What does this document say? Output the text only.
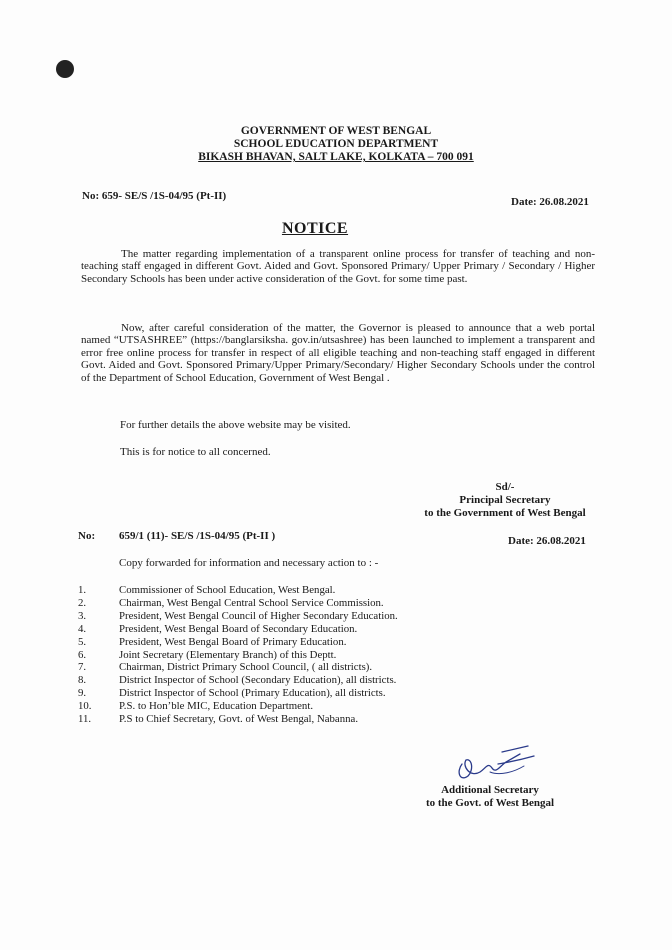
GOVERNMENT OF WEST BENGAL
SCHOOL EDUCATION DEPARTMENT
BIKASH BHAVAN, SALT LAKE, KOLKATA – 700 091
No: 659- SE/S /1S-04/95 (Pt-II)	Date: 26.08.2021
NOTICE
The matter regarding implementation of a transparent online process for transfer of teaching and non-teaching staff engaged in different Govt. Aided and Govt. Sponsored Primary/ Upper Primary / Secondary / Higher Secondary Schools has been under active consideration of the Govt. for some time past.
Now, after careful consideration of the matter, the Governor is pleased to announce that a web portal named “UTSASHREE” (https://banglarsiksha. gov.in/utsashree) has been launched to implement a transparent and error free online process for transfer in respect of all eligible teaching and non-teaching staff engaged in different Govt. Aided and Govt. Sponsored Primary/Upper Primary/Secondary/ Higher Secondary Schools under the control of the Department of School Education, Government of West Bengal .
For further details the above website may be visited.
This is for notice to all concerned.
Sd/-
Principal Secretary
to the Government of West Bengal
No: 659/1 (11)- SE/S /1S-04/95 (Pt-II )	Date: 26.08.2021
Copy forwarded for information and necessary action to : -
1.	Commissioner of School Education, West Bengal.
2.	Chairman, West Bengal Central School Service Commission.
3.	President, West Bengal Council of Higher Secondary Education.
4.	President, West Bengal Board of Secondary Education.
5.	President, West Bengal Board of Primary Education.
6.	Joint Secretary (Elementary Branch) of this Deptt.
7.	Chairman, District Primary School Council, ( all districts).
8.	District Inspector of School (Secondary Education), all districts.
9.	District Inspector of School (Primary Education), all districts.
10.	P.S. to Hon’ble MIC, Education Department.
11.	P.S to Chief Secretary, Govt. of West Bengal, Nabanna.
Additional Secretary
to the Govt. of West Bengal
